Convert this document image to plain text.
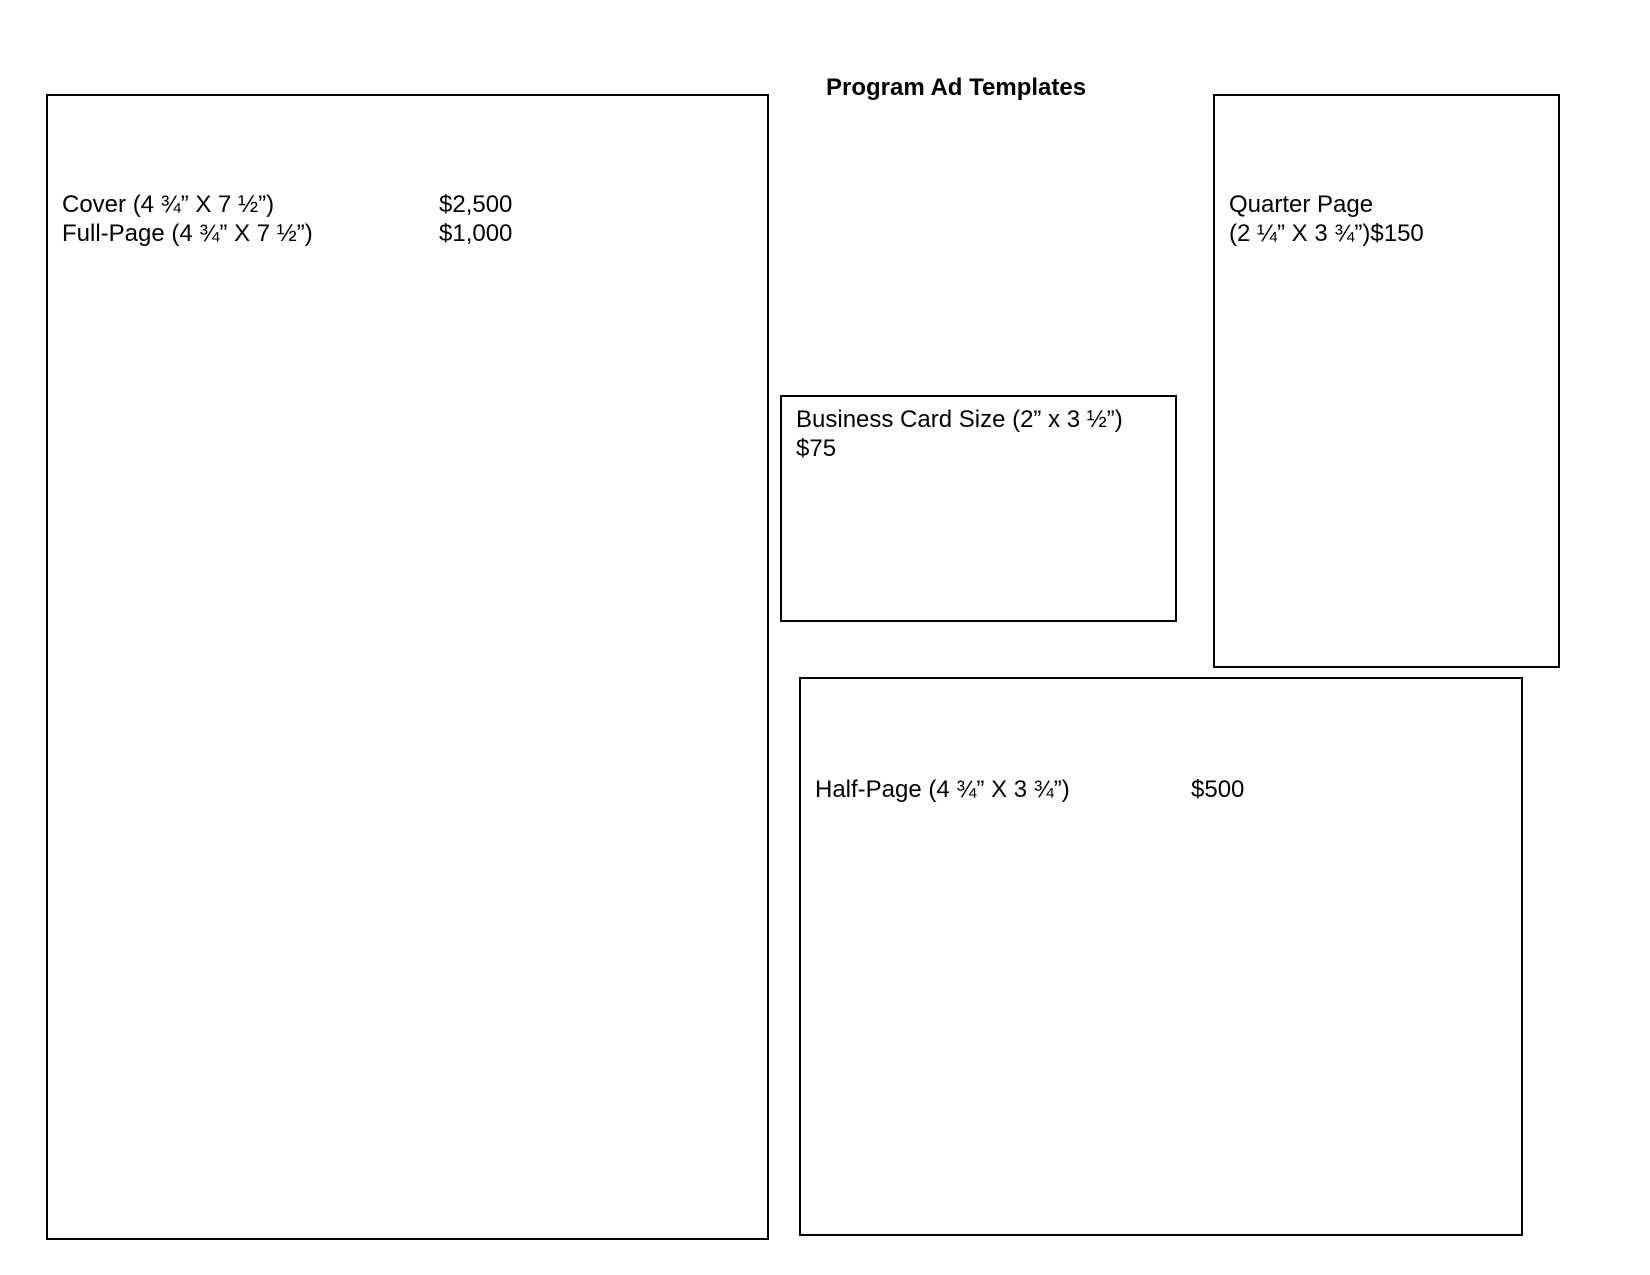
Program Ad Templates
Cover (4 ¾” X 7 ½”)	$2,500
Full-Page (4 ¾” X 7 ½”)	$1,000
Quarter Page
(2 ¼” X 3 ¾”)$150
Business Card Size (2” x 3 ½”)
$75
Half-Page (4 ¾” X 3 ¾”)	$500
